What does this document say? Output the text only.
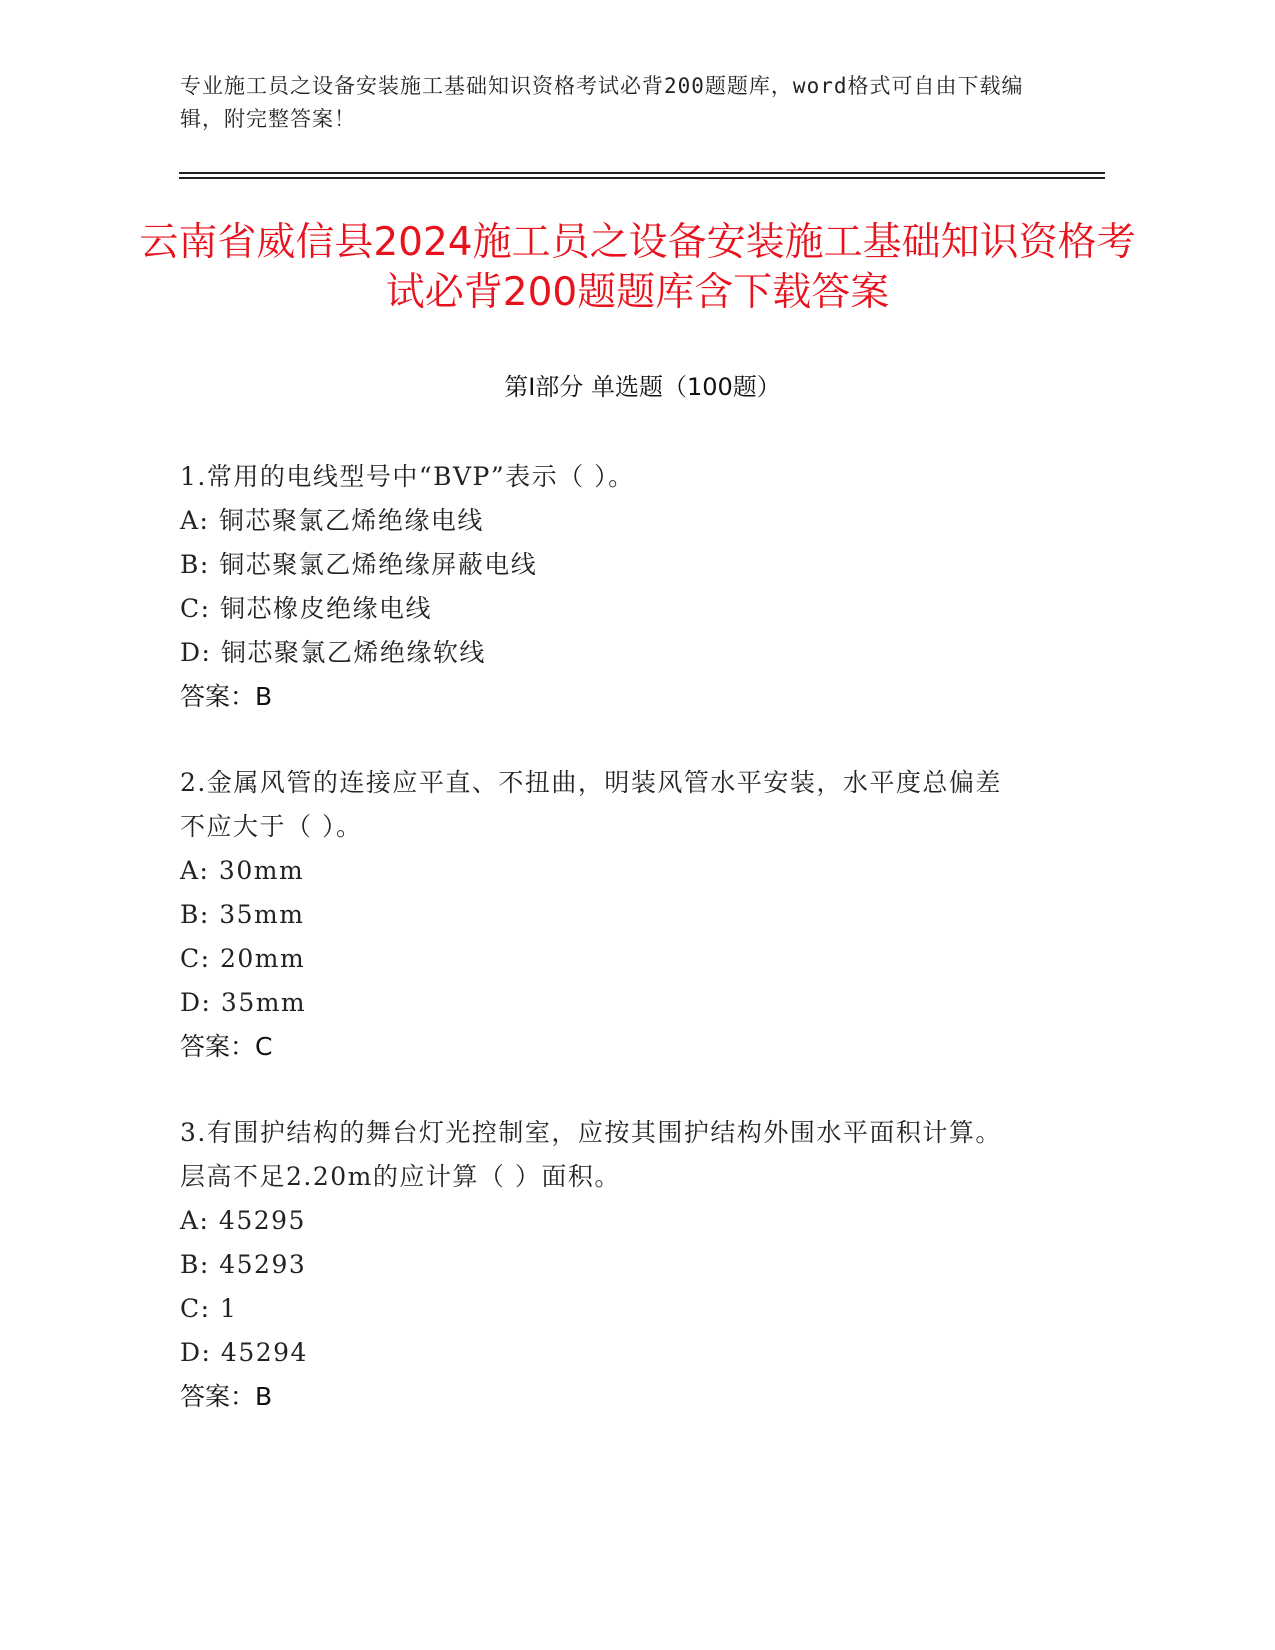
专业施工员之设备安装施工基础知识资格考试必背200题题库，word格式可自由下载编辑，附完整答案！
云南省威信县2024施工员之设备安装施工基础知识资格考试必背200题题库含下载答案
第Ⅰ部分 单选题（100题）
1.常用的电线型号中“BVP”表示（ ）。
A: 铜芯聚氯乙烯绝缘电线
B: 铜芯聚氯乙烯绝缘屏蔽电线
C: 铜芯橡皮绝缘电线
D: 铜芯聚氯乙烯绝缘软线
答案：B
2.金属风管的连接应平直、不扭曲，明装风管水平安装，水平度总偏差不应大于（ ）。
A: 30mm
B: 35mm
C: 20mm
D: 35mm
答案：C
3.有围护结构的舞台灯光控制室，应按其围护结构外围水平面积计算。层高不足2.20m的应计算（ ）面积。
A: 45295
B: 45293
C: 1
D: 45294
答案：B
